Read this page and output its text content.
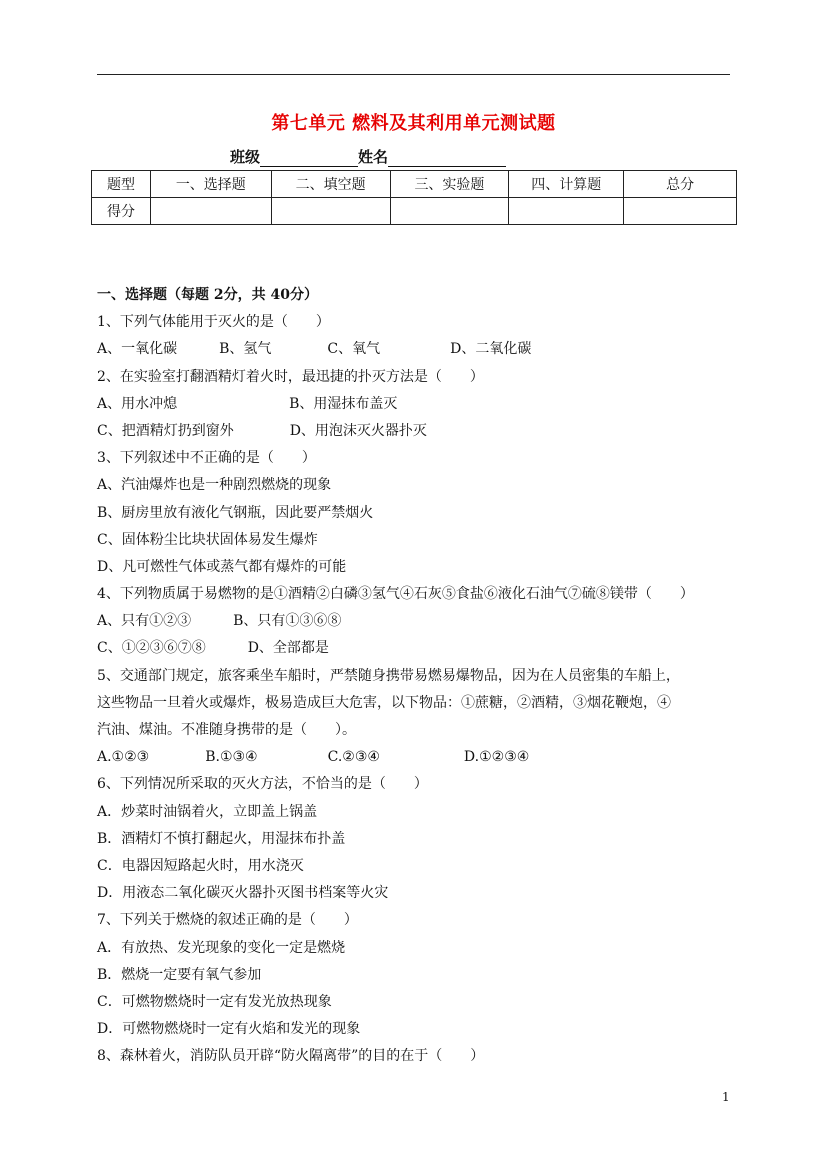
第七单元 燃料及其利用单元测试题
班级	姓名
题型	一、选择题	二、填空题	三、实验题	四、计算题	总分
得分					
一、选择题（每题 2分，共 40分）
1、下列气体能用于灭火的是（　　）
A、一氧化碳　　　B、氢气　　　　C、氧气　　　　　D、二氧化碳
2、在实验室打翻酒精灯着火时，最迅捷的扑灭方法是（　　）
A、用水冲熄　　　　　　　　B、用湿抹布盖灭
C、把酒精灯扔到窗外　　　　D、用泡沫灭火器扑灭
3、下列叙述中不正确的是（　　）
A、汽油爆炸也是一种剧烈燃烧的现象
B、厨房里放有液化气钢瓶，因此要严禁烟火
C、固体粉尘比块状固体易发生爆炸
D、凡可燃性气体或蒸气都有爆炸的可能
4、下列物质属于易燃物的是①酒精②白磷③氢气④石灰⑤食盐⑥液化石油气⑦硫⑧镁带（　　）
A、只有①②③　　　B、只有①③⑥⑧
C、①②③⑥⑦⑧　　　D、全部都是
5、交通部门规定，旅客乘坐车船时，严禁随身携带易燃易爆物品，因为在人员密集的车船上，
这些物品一旦着火或爆炸，极易造成巨大危害，以下物品：①蔗糖，②酒精，③烟花鞭炮，④
汽油、煤油。不准随身携带的是（　　）。
A.①②③　　　　B.①③④　　　　　C.②③④　　　　　　D.①②③④
6、下列情况所采取的灭火方法，不恰当的是（　　）
A．炒菜时油锅着火，立即盖上锅盖
B．酒精灯不慎打翻起火，用湿抹布扑盖
C．电器因短路起火时，用水浇灭
D．用液态二氧化碳灭火器扑灭图书档案等火灾
7、下列关于燃烧的叙述正确的是（　　）
A．有放热、发光现象的变化一定是燃烧
B．燃烧一定要有氧气参加
C．可燃物燃烧时一定有发光放热现象
D．可燃物燃烧时一定有火焰和发光的现象
8、森林着火，消防队员开辟“防火隔离带”的目的在于（　　）
1
